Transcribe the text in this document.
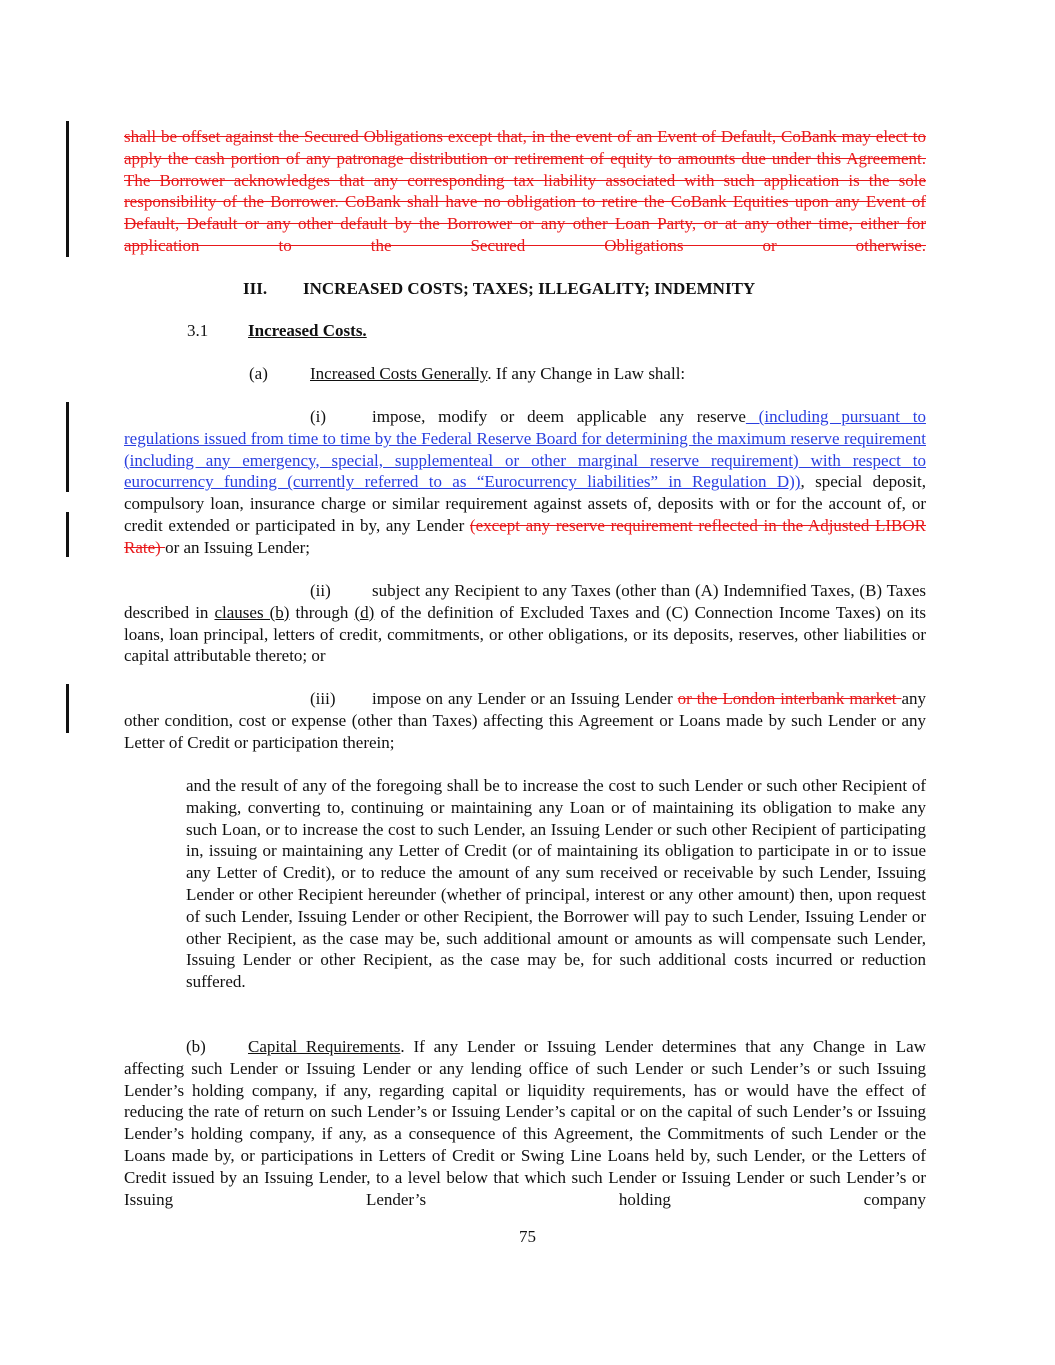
shall be offset against the Secured Obligations except that, in the event of an Event of Default, CoBank may elect to apply the cash portion of any patronage distribution or retirement of equity to amounts due under this Agreement. The Borrower acknowledges that any corresponding tax liability associated with such application is the sole responsibility of the Borrower. CoBank shall have no obligation to retire the CoBank Equities upon any Event of Default, Default or any other default by the Borrower or any other Loan Party, or at any other time, either for application to the Secured Obligations or otherwise.

III. INCREASED COSTS; TAXES; ILLEGALITY; INDEMNITY
3.1 Increased Costs.
(a) Increased Costs Generally. If any Change in Law shall:

(i)	impose, modify or deem applicable any reserve (including pursuant to regulations issued from time to time by the Federal Reserve Board for determining the maximum reserve requirement (including any emergency, special, supplementeal or other marginal reserve requirement) with respect to eurocurrency funding (currently referred to as “Eurocurrency liabilities” in Regulation D)), special deposit, compulsory loan, insurance charge or similar requirement against assets of, deposits with or for the account of, or credit extended or participated in by, any Lender (except any reserve requirement reflected in the Adjusted LIBOR Rate) or an Issuing Lender;

(ii) subject any Recipient to any Taxes (other than (A) Indemnified Taxes, (B) Taxes described in clauses (b) through (d) of the definition of Excluded Taxes and (C) Connection Income Taxes) on its loans, loan principal, letters of credit, commitments, or other obligations, or its deposits, reserves, other liabilities or capital attributable thereto; or

(iii) impose on any Lender or an Issuing Lender or the London interbank market any other condition, cost or expense (other than Taxes) affecting this Agreement or Loans made by such Lender or any Letter of Credit or participation therein;

and the result of any of the foregoing shall be to increase the cost to such Lender or such other Recipient of making, converting to, continuing or maintaining any Loan or of maintaining its obligation to make any such Loan, or to increase the cost to such Lender, an Issuing Lender or such other Recipient of participating in, issuing or maintaining any Letter of Credit (or of maintaining its obligation to participate in or to issue any Letter of Credit), or to reduce the amount of any sum received or receivable by such Lender, Issuing Lender or other Recipient hereunder (whether of principal, interest or any other amount) then, upon request of such Lender, Issuing Lender or other Recipient, the Borrower will pay to such Lender, Issuing Lender or other Recipient, as the case may be, such additional amount or amounts as will compensate such Lender, Issuing Lender or other Recipient, as the case may be, for such additional costs incurred or reduction suffered.

(b) Capital Requirements. If any Lender or Issuing Lender determines that any Change in Law affecting such Lender or Issuing Lender or any lending office of such Lender or such Lender’s or such Issuing Lender’s holding company, if any, regarding capital or liquidity requirements, has or would have the effect of reducing the rate of return on such Lender’s or Issuing Lender’s capital or on the capital of such Lender’s or Issuing Lender’s holding company, if any, as a consequence of this Agreement, the Commitments of such Lender or the Loans made by, or participations in Letters of Credit or Swing Line Loans held by, such Lender, or the Letters of Credit issued by an Issuing Lender, to a level below that which such Lender or Issuing Lender or such Lender’s or Issuing Lender’s holding company

75
